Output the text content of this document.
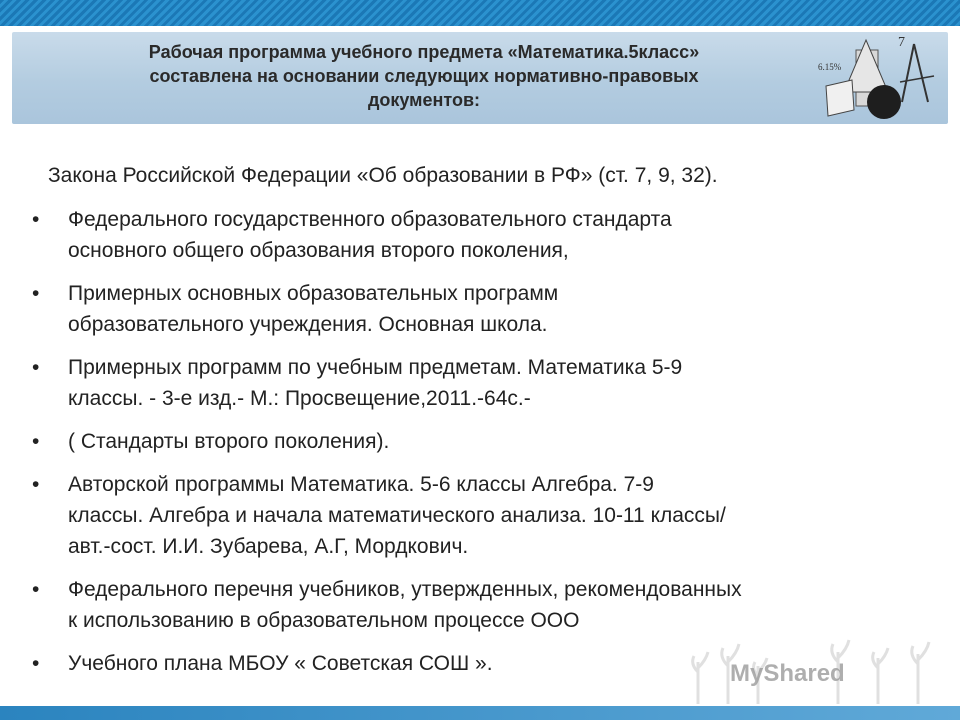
Рабочая программа учебного предмета «Математика.5класс»
составлена на основании следующих нормативно-правовых
документов:
6.15%
7
Закона Российской Федерации «Об образовании в РФ» (ст. 7, 9, 32).
• Федерального государственного образовательного стандарта
основного общего образования второго поколения,
• Примерных основных образовательных программ
образовательного учреждения. Основная школа.
• Примерных программ по учебным предметам. Математика 5-9
классы. - 3-е изд.- М.: Просвещение,2011.-64с.-
• ( Стандарты второго поколения).
• Авторской программы Математика. 5-6 классы Алгебра. 7-9
классы. Алгебра и начала математического анализа. 10-11 классы/
авт.-сост. И.И. Зубарева, А.Г, Мордкович.
• Федерального перечня учебников, утвержденных, рекомендованных
к использованию в образовательном процессе ООО
• Учебного плана МБОУ « Советская СОШ ».	MyShared
